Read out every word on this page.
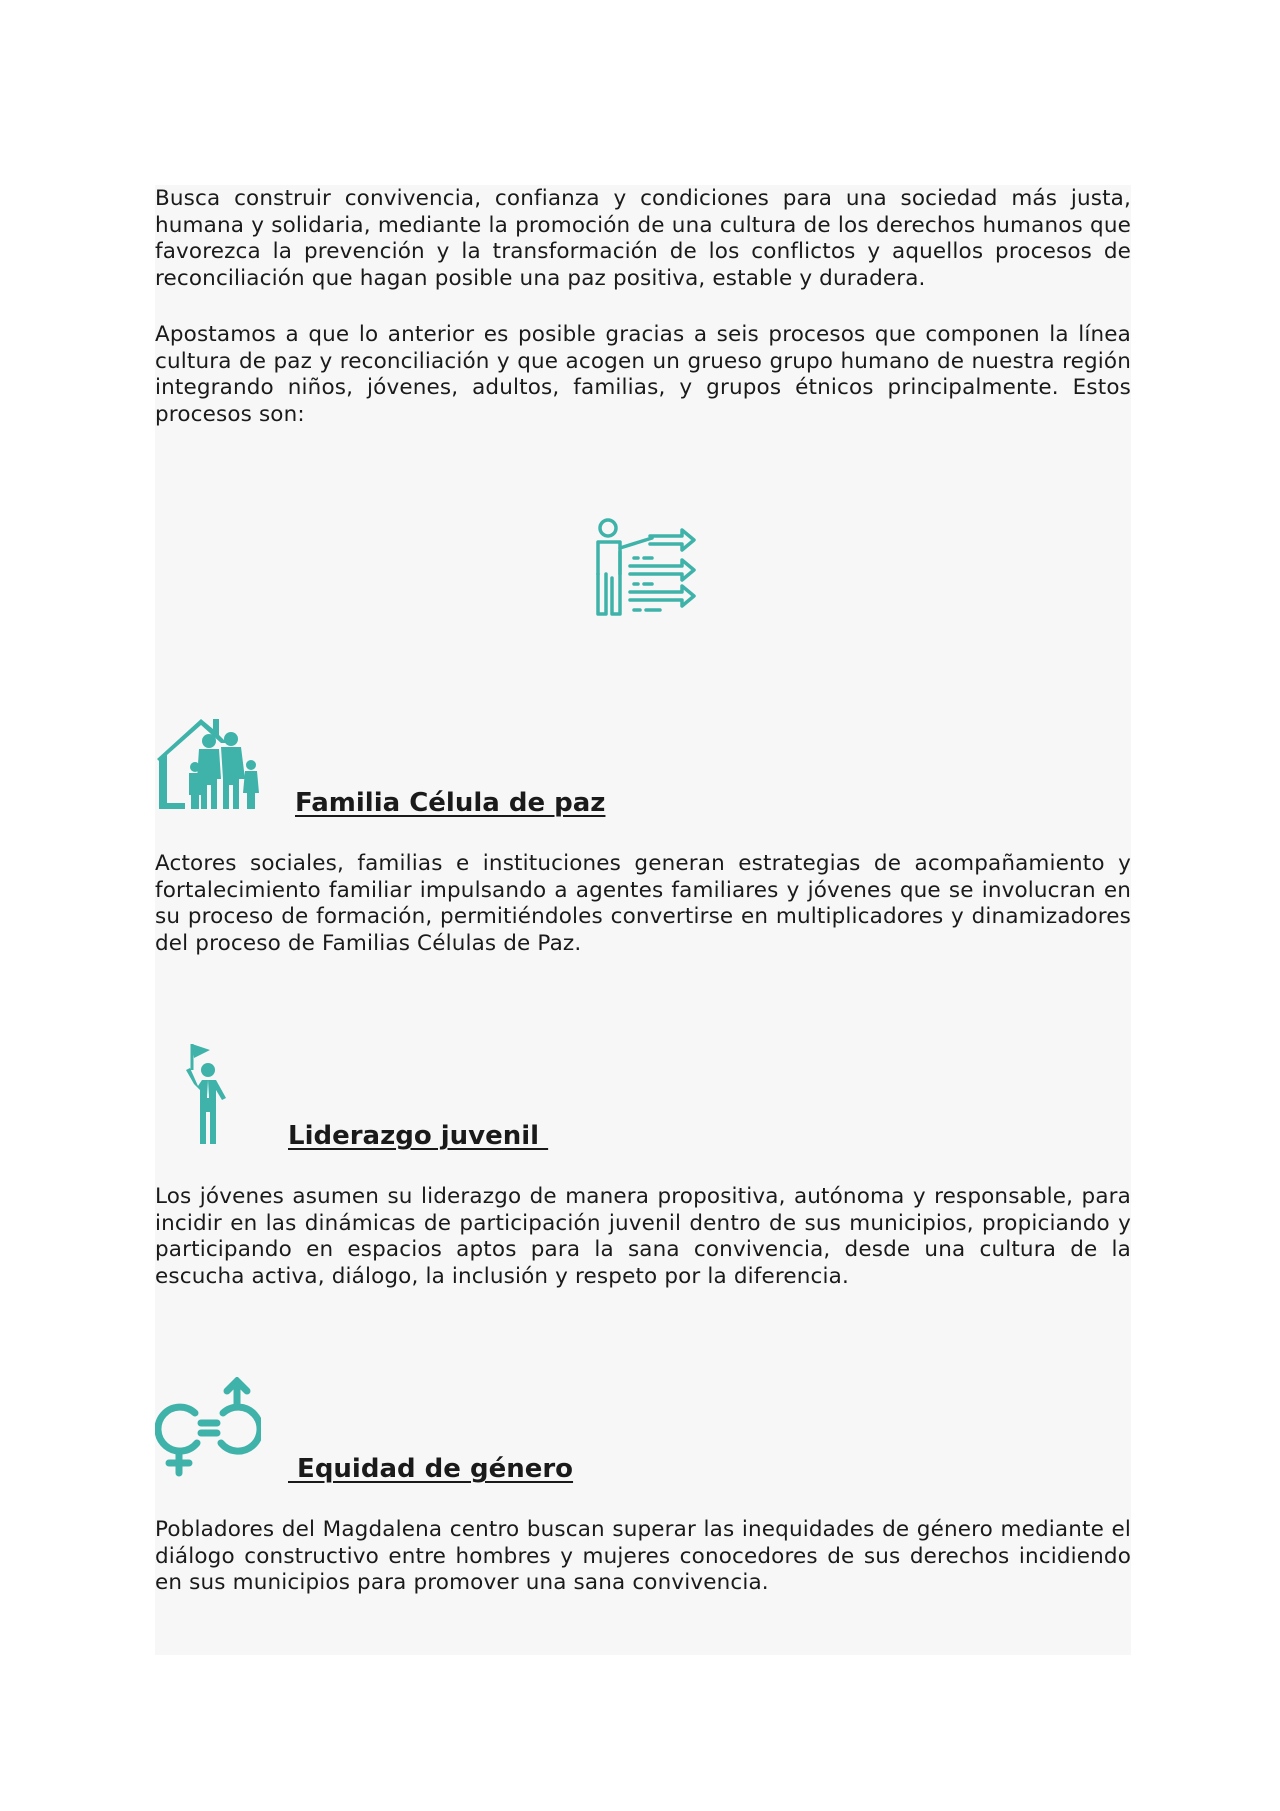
Busca construir convivencia, confianza y condiciones para una sociedad más justa, humana y solidaria, mediante la promoción de una cultura de los derechos humanos que favorezca la prevención y la transformación de los conflictos y aquellos procesos de reconciliación que hagan posible una paz positiva, estable y duradera.

Apostamos a que lo anterior es posible gracias a seis procesos que componen la línea cultura de paz y reconciliación y que acogen un grueso grupo humano de nuestra región integrando niños, jóvenes, adultos, familias, y grupos étnicos principalmente. Estos procesos son:

Familia Célula de paz

Actores sociales, familias e instituciones generan estrategias de acompañamiento y fortalecimiento familiar impulsando a agentes familiares y jóvenes que se involucran en su proceso de formación, permitiéndoles convertirse en multiplicadores y dinamizadores del proceso de Familias Células de Paz.

Liderazgo juvenil

Los jóvenes asumen su liderazgo de manera propositiva, autónoma y responsable, para incidir en las dinámicas de participación juvenil dentro de sus municipios, propiciando y participando en espacios aptos para la sana convivencia, desde una cultura de la escucha activa, diálogo, la inclusión y respeto por la diferencia.

Equidad de género

Pobladores del Magdalena centro buscan superar las inequidades de género mediante el diálogo constructivo entre hombres y mujeres conocedores de sus derechos incidiendo en sus municipios para promover una sana convivencia.
